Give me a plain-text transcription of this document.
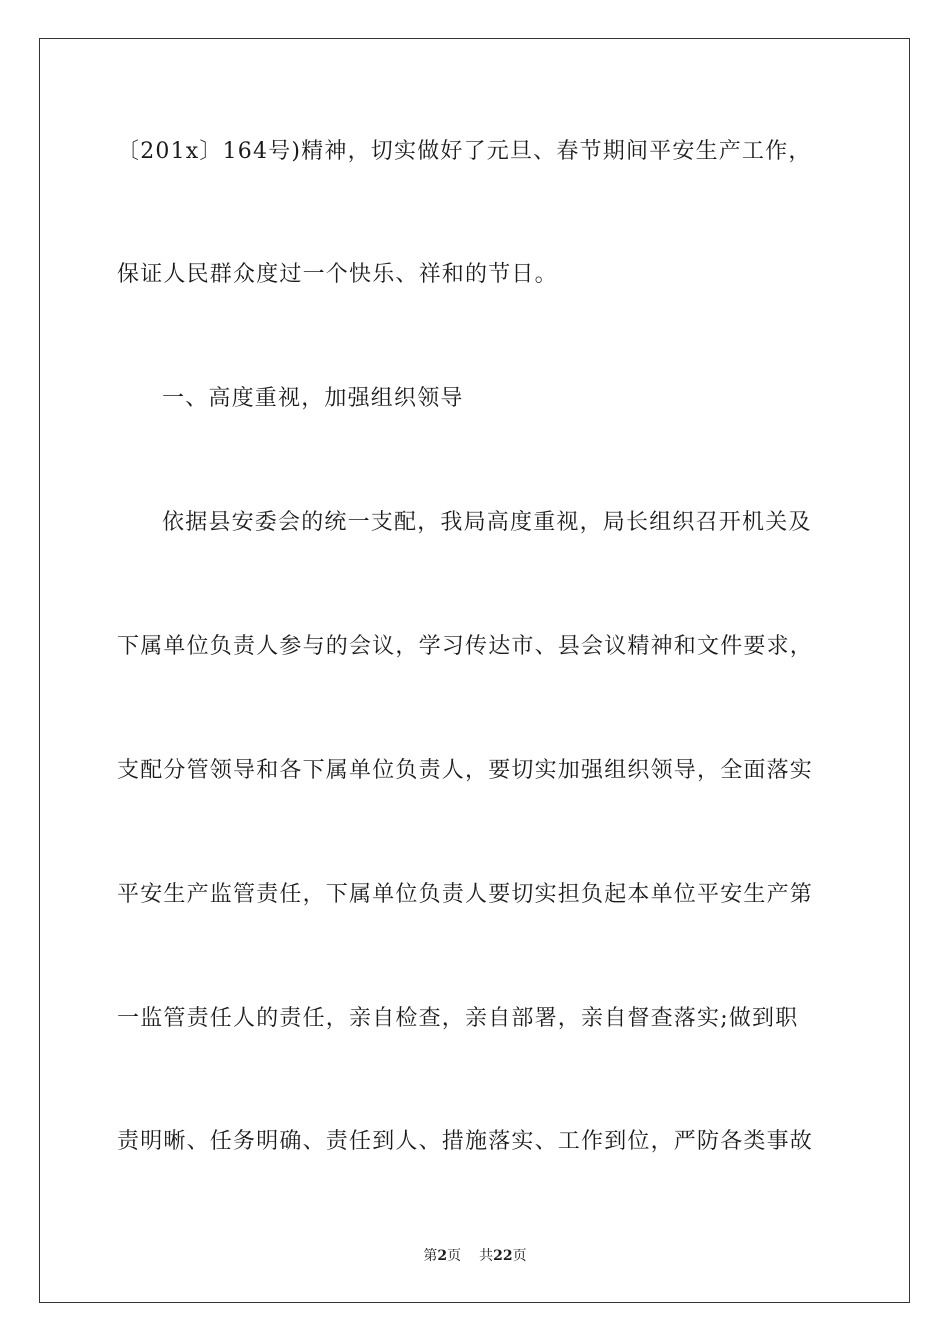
〔201x〕164号)精神，切实做好了元旦、春节期间平安生产工作，
保证人民群众度过一个快乐、祥和的节日。
一、高度重视，加强组织领导
依据县安委会的统一支配，我局高度重视，局长组织召开机关及
下属单位负责人参与的会议，学习传达市、县会议精神和文件要求，
支配分管领导和各下属单位负责人，要切实加强组织领导，全面落实
平安生产监管责任，下属单位负责人要切实担负起本单位平安生产第
一监管责任人的责任，亲自检查，亲自部署，亲自督查落实;做到职
责明晰、任务明确、责任到人、措施落实、工作到位，严防各类事故
第2页 共22页
